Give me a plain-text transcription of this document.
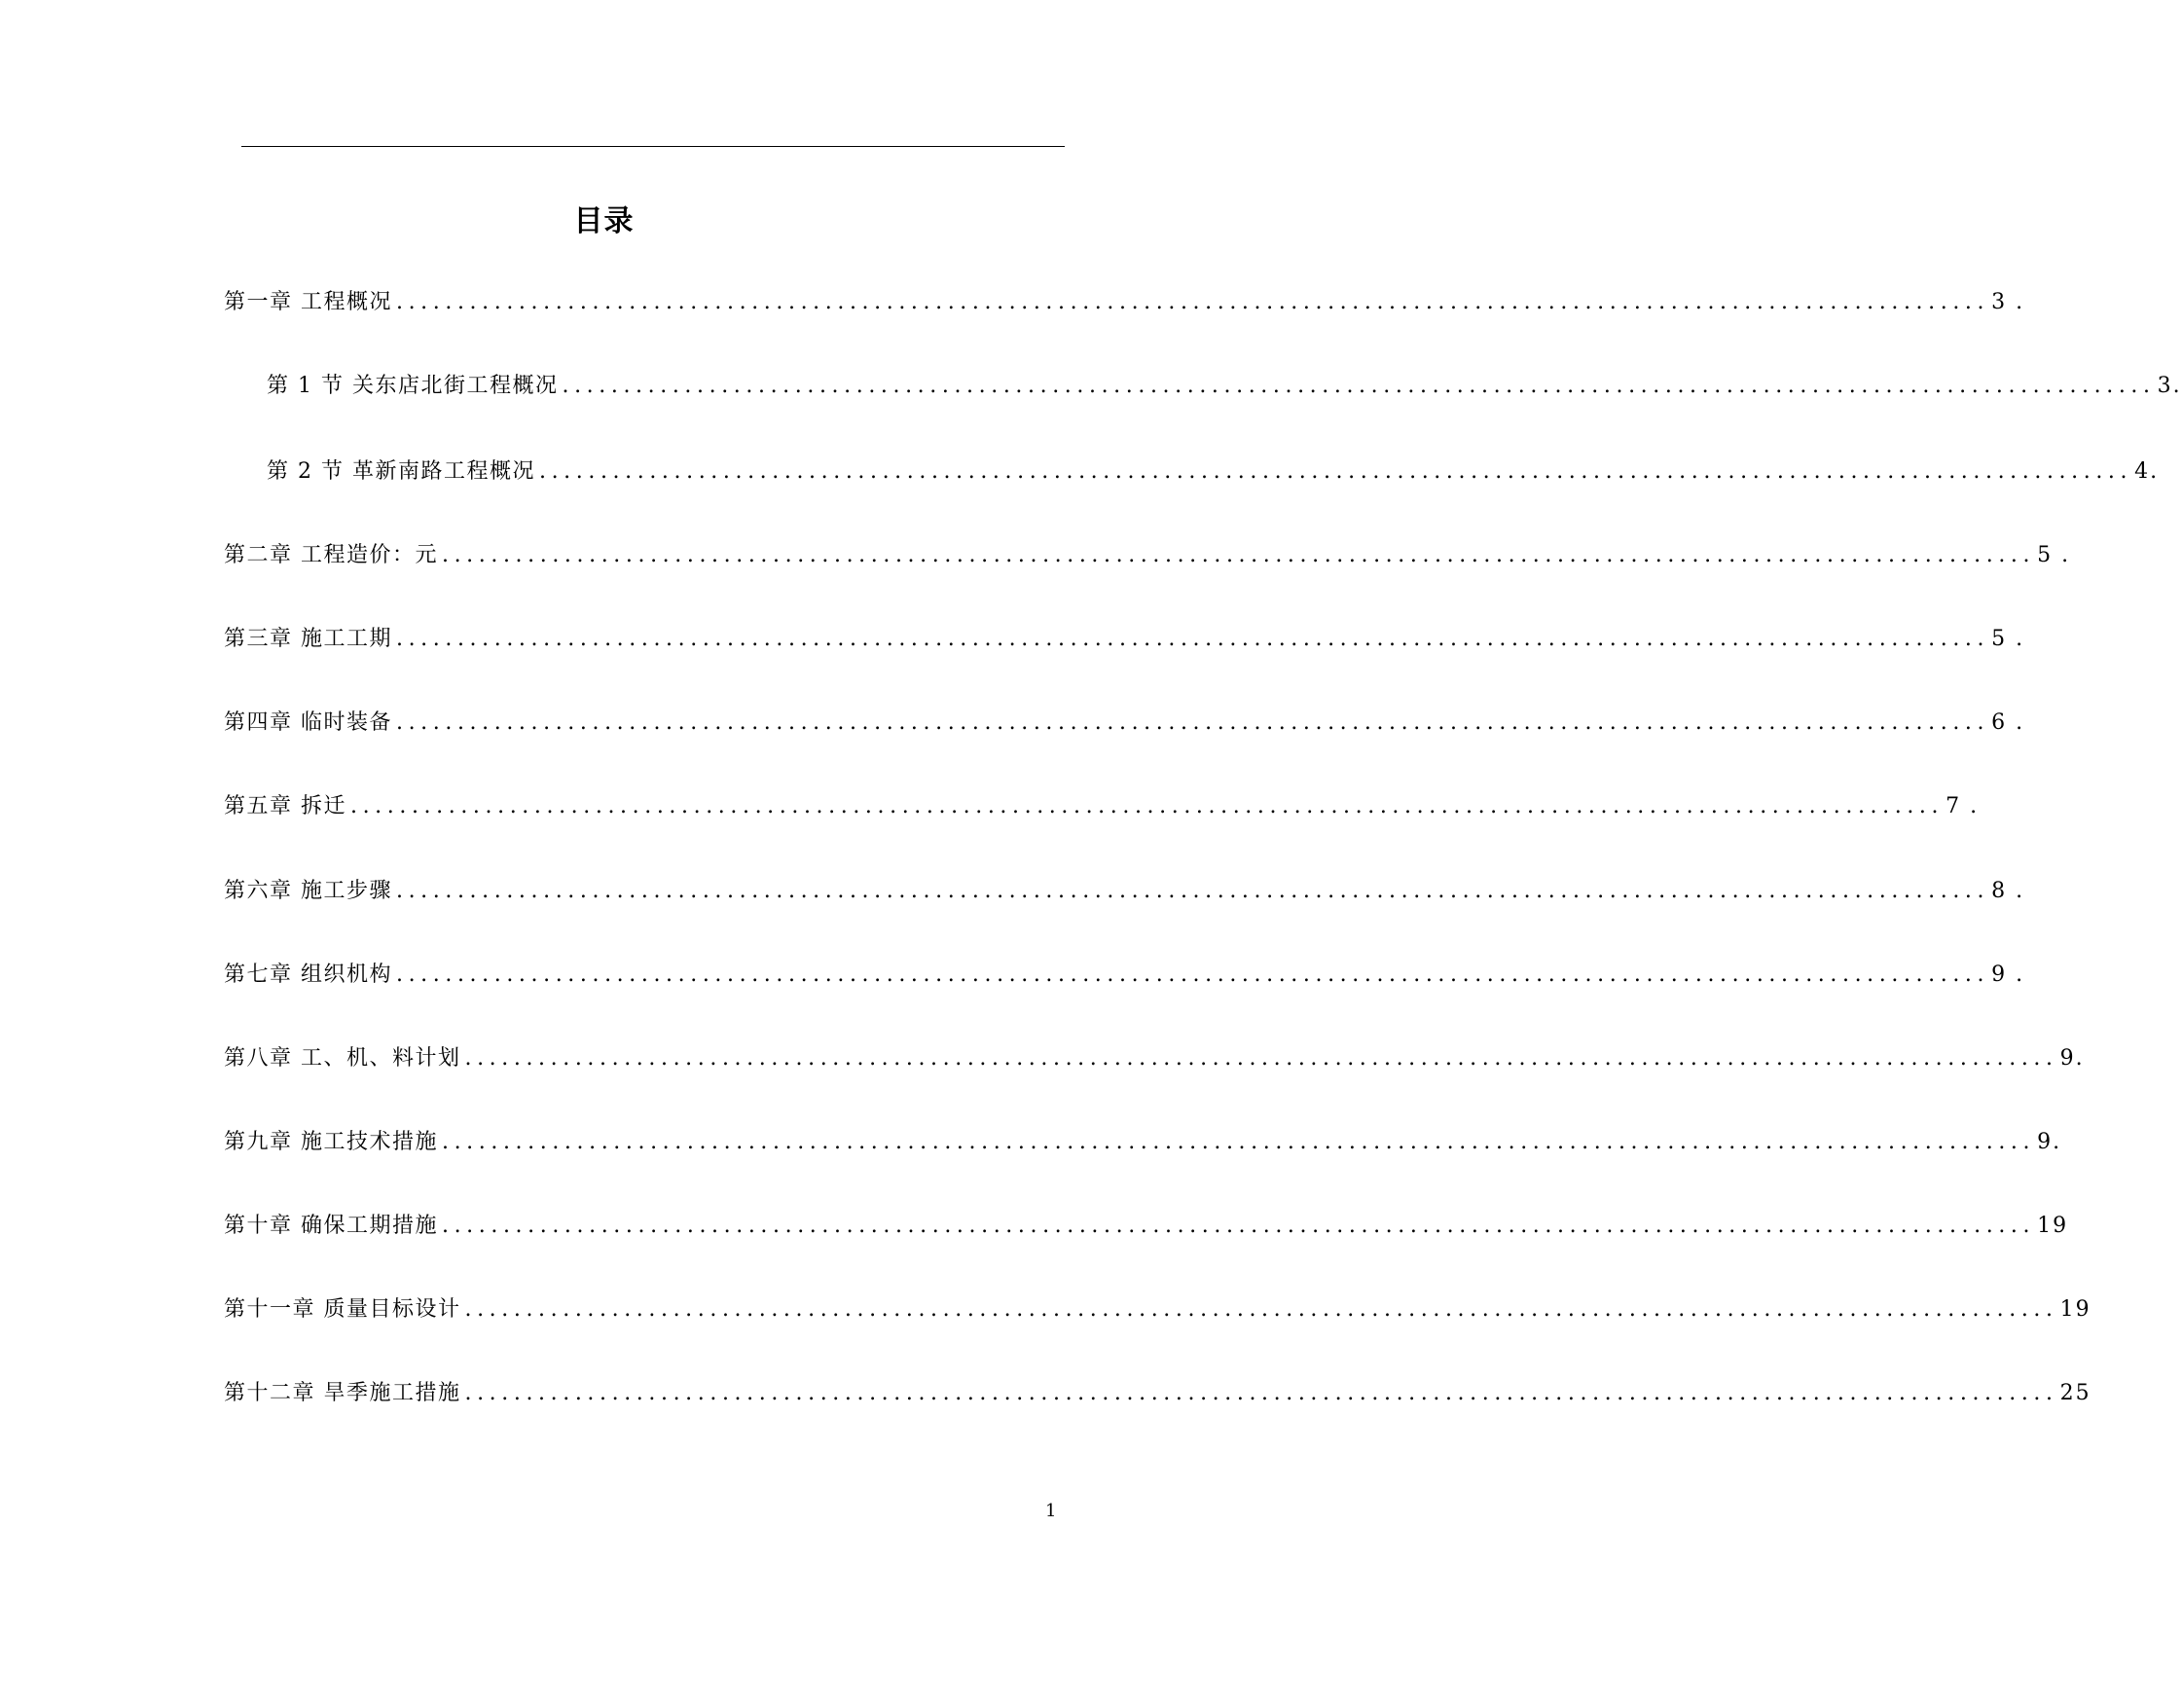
目录
第一章 工程概况 .................................................................................................................................. 3 .
第 1 节 关东店北街工程概况 .................................................................................................................................. 3.
第 2 节 革新南路工程概况 .................................................................................................................................. 4.
第二章 工程造价：元 .................................................................................................................................. 5 .
第三章 施工工期 .................................................................................................................................. 5 .
第四章 临时装备 .................................................................................................................................. 6 .
第五章 拆迁 .................................................................................................................................. 7 .
第六章 施工步骤 .................................................................................................................................. 8 .
第七章 组织机构 .................................................................................................................................. 9 .
第八章 工、机、料计划 .................................................................................................................................. 9.
第九章 施工技术措施 .................................................................................................................................. 9.
第十章 确保工期措施 .................................................................................................................................. 19
第十一章 质量目标设计 .................................................................................................................................. 19
第十二章 旱季施工措施 .................................................................................................................................. 25
1
